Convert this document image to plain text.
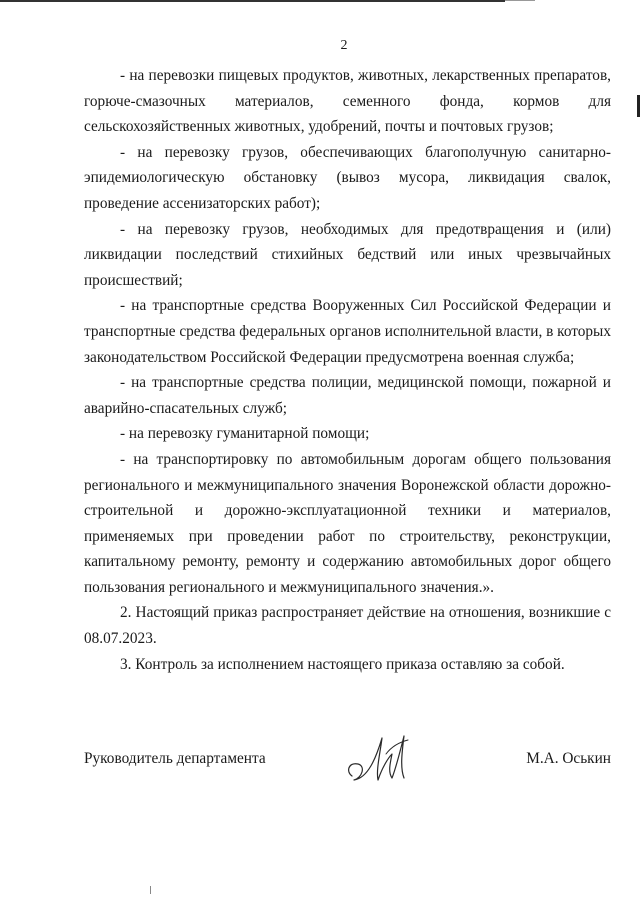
2

- на перевозки пищевых продуктов, животных, лекарственных препаратов, горюче-смазочных материалов, семенного фонда, кормов для сельскохозяйственных животных, удобрений, почты и почтовых грузов;

- на перевозку грузов, обеспечивающих благополучную санитарно-эпидемиологическую обстановку (вывоз мусора, ликвидация свалок, проведение ассенизаторских работ);

- на перевозку грузов, необходимых для предотвращения и (или) ликвидации последствий стихийных бедствий или иных чрезвычайных происшествий;

- на транспортные средства Вооруженных Сил Российской Федерации и транспортные средства федеральных органов исполнительной власти, в которых законодательством Российской Федерации предусмотрена военная служба;

- на транспортные средства полиции, медицинской помощи, пожарной и аварийно-спасательных служб;

- на перевозку гуманитарной помощи;

- на транспортировку по автомобильным дорогам общего пользования регионального и межмуниципального значения Воронежской области дорожно-строительной и дорожно-эксплуатационной техники и материалов, применяемых при проведении работ по строительству, реконструкции, капитальному ремонту, ремонту и содержанию автомобильных дорог общего пользования регионального и межмуниципального значения.».

2. Настоящий приказ распространяет действие на отношения, возникшие с 08.07.2023.

3. Контроль за исполнением настоящего приказа оставляю за собой.

Руководитель департамента	М.А. Оськин
